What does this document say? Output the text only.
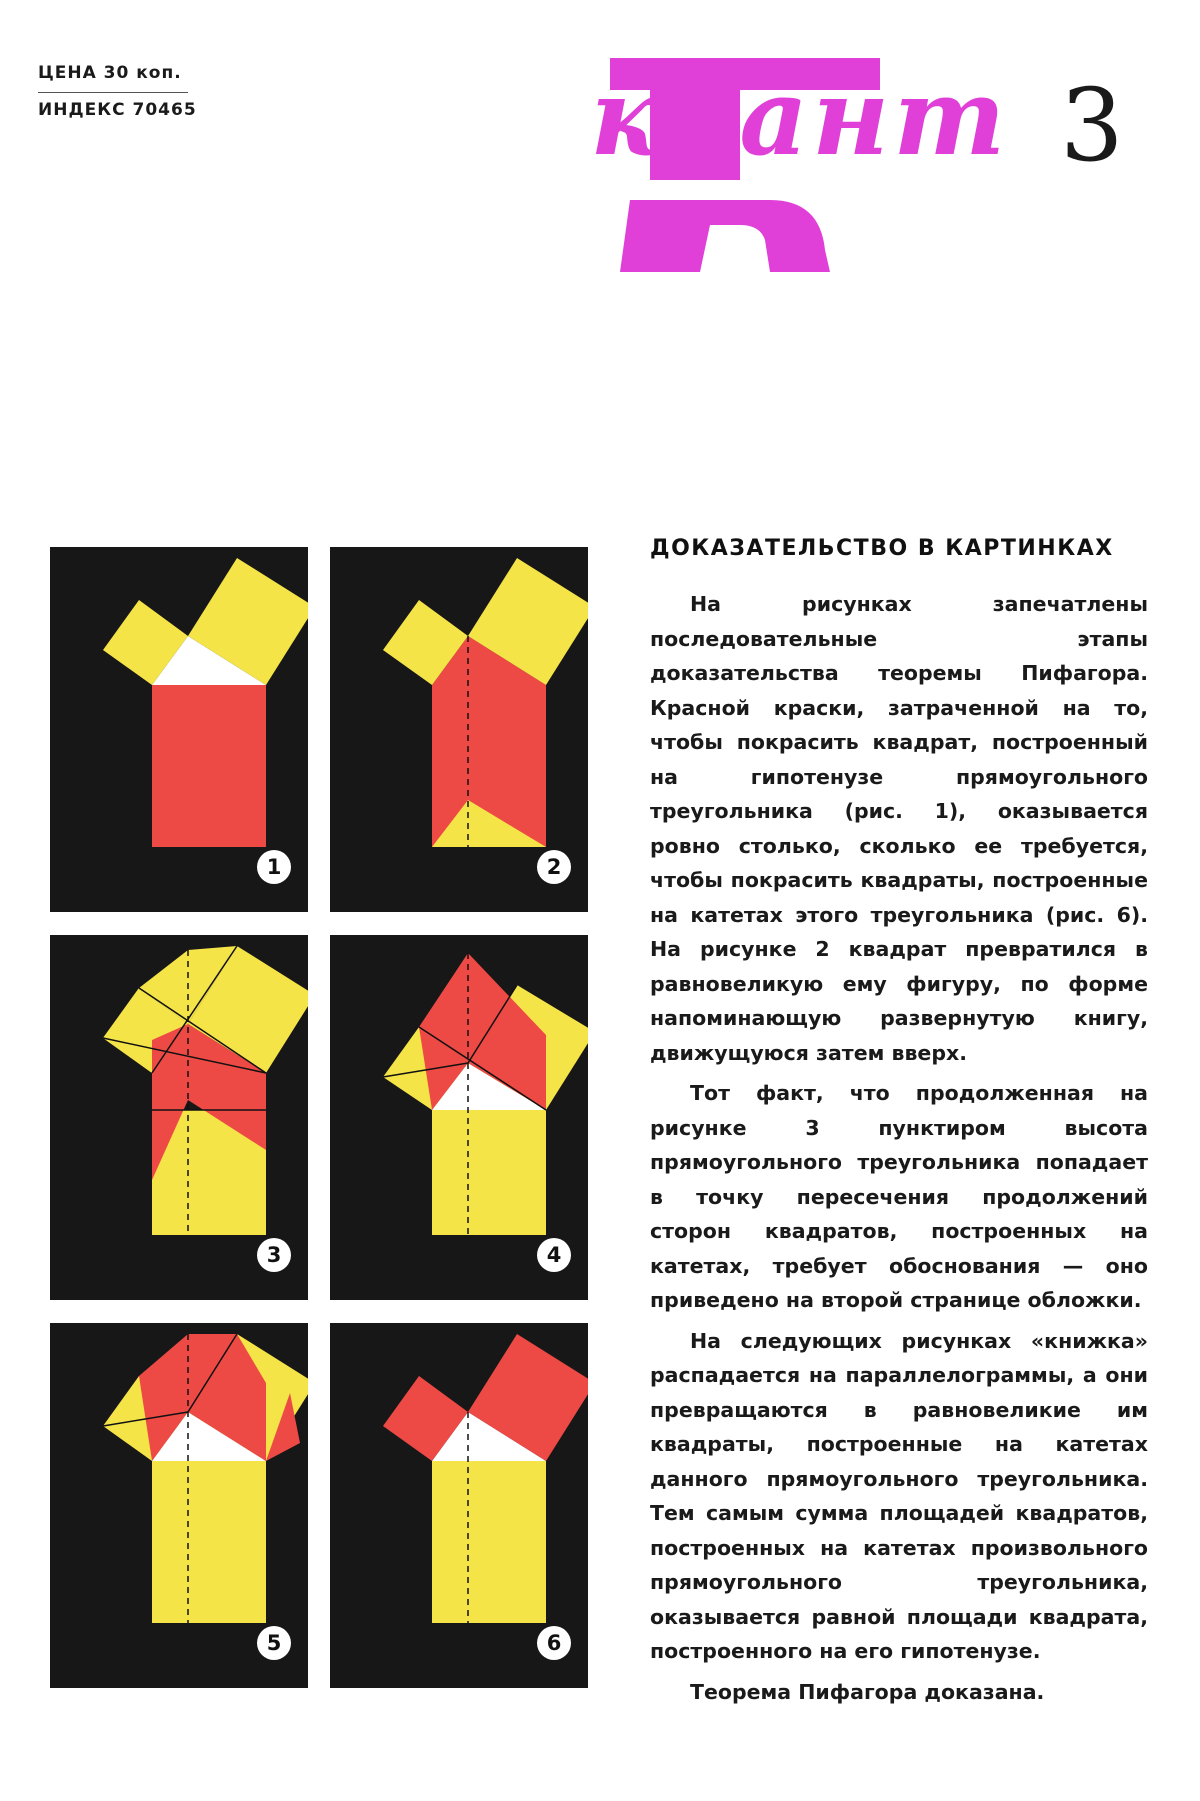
ЦЕНА 30 коп.
ИНДЕКС 70465	квант 3
1	2
3	4
5	6
ДОКАЗАТЕЛЬСТВО В КАРТИНКАХ

На рисунках запечатлены последовательные этапы доказательства теоремы Пифагора. Красной краски, затраченной на то, чтобы покрасить квадрат, построенный на гипотенузе прямоугольного треугольника (рис. 1), оказывается ровно столько, сколько ее требуется, чтобы покрасить квадраты, построенные на катетах этого треугольника (рис. 6). На рисунке 2 квадрат превратился в равновеликую ему фигуру, по форме напоминающую развернутую книгу, движущуюся затем вверх.

Тот факт, что продолженная на рисунке 3 пунктиром высота прямоугольного треугольника попадает в точку пересечения продолжений сторон квадратов, построенных на катетах, требует обоснования — оно приведено на второй странице обложки.

На следующих рисунках «книжка» распадается на параллелограммы, а они превращаются в равновеликие им квадраты, построенные на катетах данного прямоугольного треугольника. Тем самым сумма площадей квадратов, построенных на катетах произвольного прямоугольного треугольника, оказывается равной площади квадрата, построенного на его гипотенузе.

Теорема Пифагора доказана.
